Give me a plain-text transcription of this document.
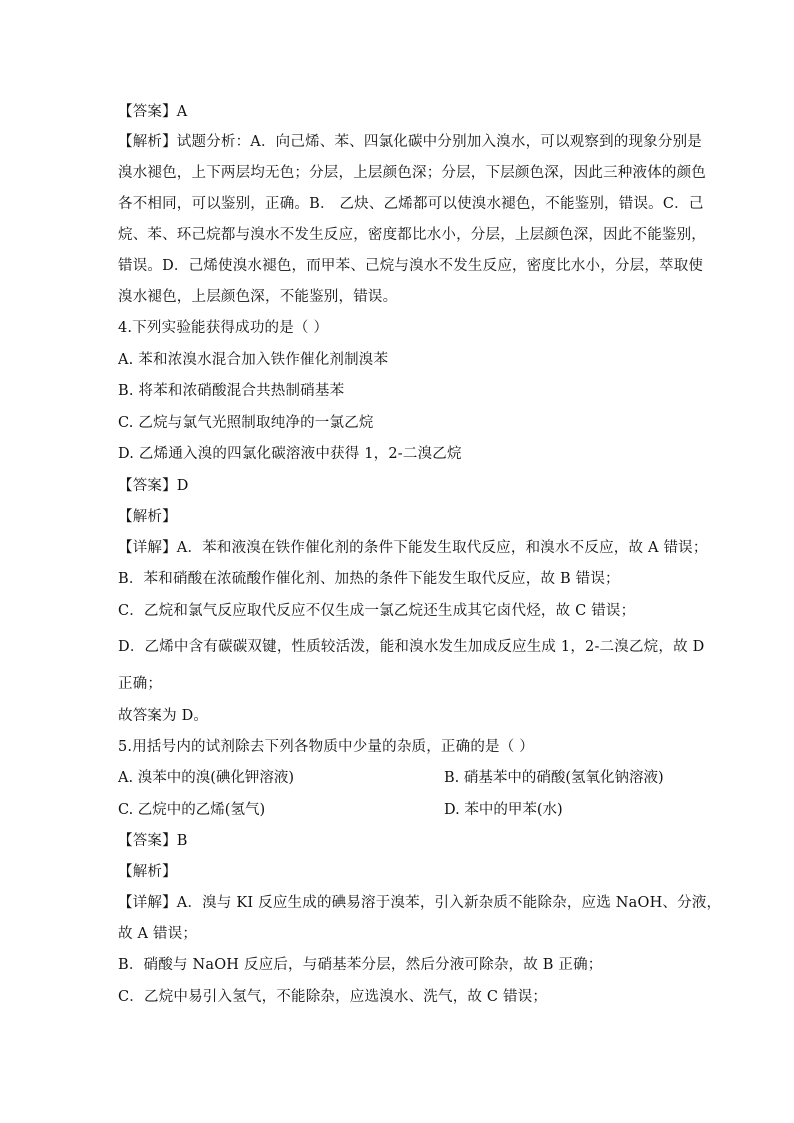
【答案】A
【解析】试题分析：A．向己烯、苯、四氯化碳中分别加入溴水，可以观察到的现象分别是
溴水褪色，上下两层均无色；分层，上层颜色深；分层，下层颜色深，因此三种液体的颜色
各不相同，可以鉴别，正确。B． 乙炔、乙烯都可以使溴水褪色，不能鉴别，错误。C．己
烷、苯、环己烷都与溴水不发生反应，密度都比水小，分层，上层颜色深，因此不能鉴别，
错误。D．己烯使溴水褪色，而甲苯、己烷与溴水不发生反应，密度比水小，分层，萃取使
溴水褪色，上层颜色深，不能鉴别，错误。
4.下列实验能获得成功的是（ ）
A. 苯和浓溴水混合加入铁作催化剂制溴苯
B. 将苯和浓硝酸混合共热制硝基苯
C. 乙烷与氯气光照制取纯净的一氯乙烷
D. 乙烯通入溴的四氯化碳溶液中获得 1，2-二溴乙烷
【答案】D
【解析】
【详解】A．苯和液溴在铁作催化剂的条件下能发生取代反应，和溴水不反应，故 A 错误；
B．苯和硝酸在浓硫酸作催化剂、加热的条件下能发生取代反应，故 B 错误；
C．乙烷和氯气反应取代反应不仅生成一氯乙烷还生成其它卤代烃，故 C 错误；
D．乙烯中含有碳碳双键，性质较活泼，能和溴水发生加成反应生成 1，2-二溴乙烷，故 D
正确；
故答案为 D。
5.用括号内的试剂除去下列各物质中少量的杂质，正确的是（ ）
A. 溴苯中的溴(碘化钾溶液)	B. 硝基苯中的硝酸(氢氧化钠溶液)
C. 乙烷中的乙烯(氢气)	D. 苯中的甲苯(水)
【答案】B
【解析】
【详解】A．溴与 KI 反应生成的碘易溶于溴苯，引入新杂质不能除杂，应选 NaOH、分液，
故 A 错误；
B．硝酸与 NaOH 反应后，与硝基苯分层，然后分液可除杂，故 B 正确；
C．乙烷中易引入氢气，不能除杂，应选溴水、洗气，故 C 错误；
